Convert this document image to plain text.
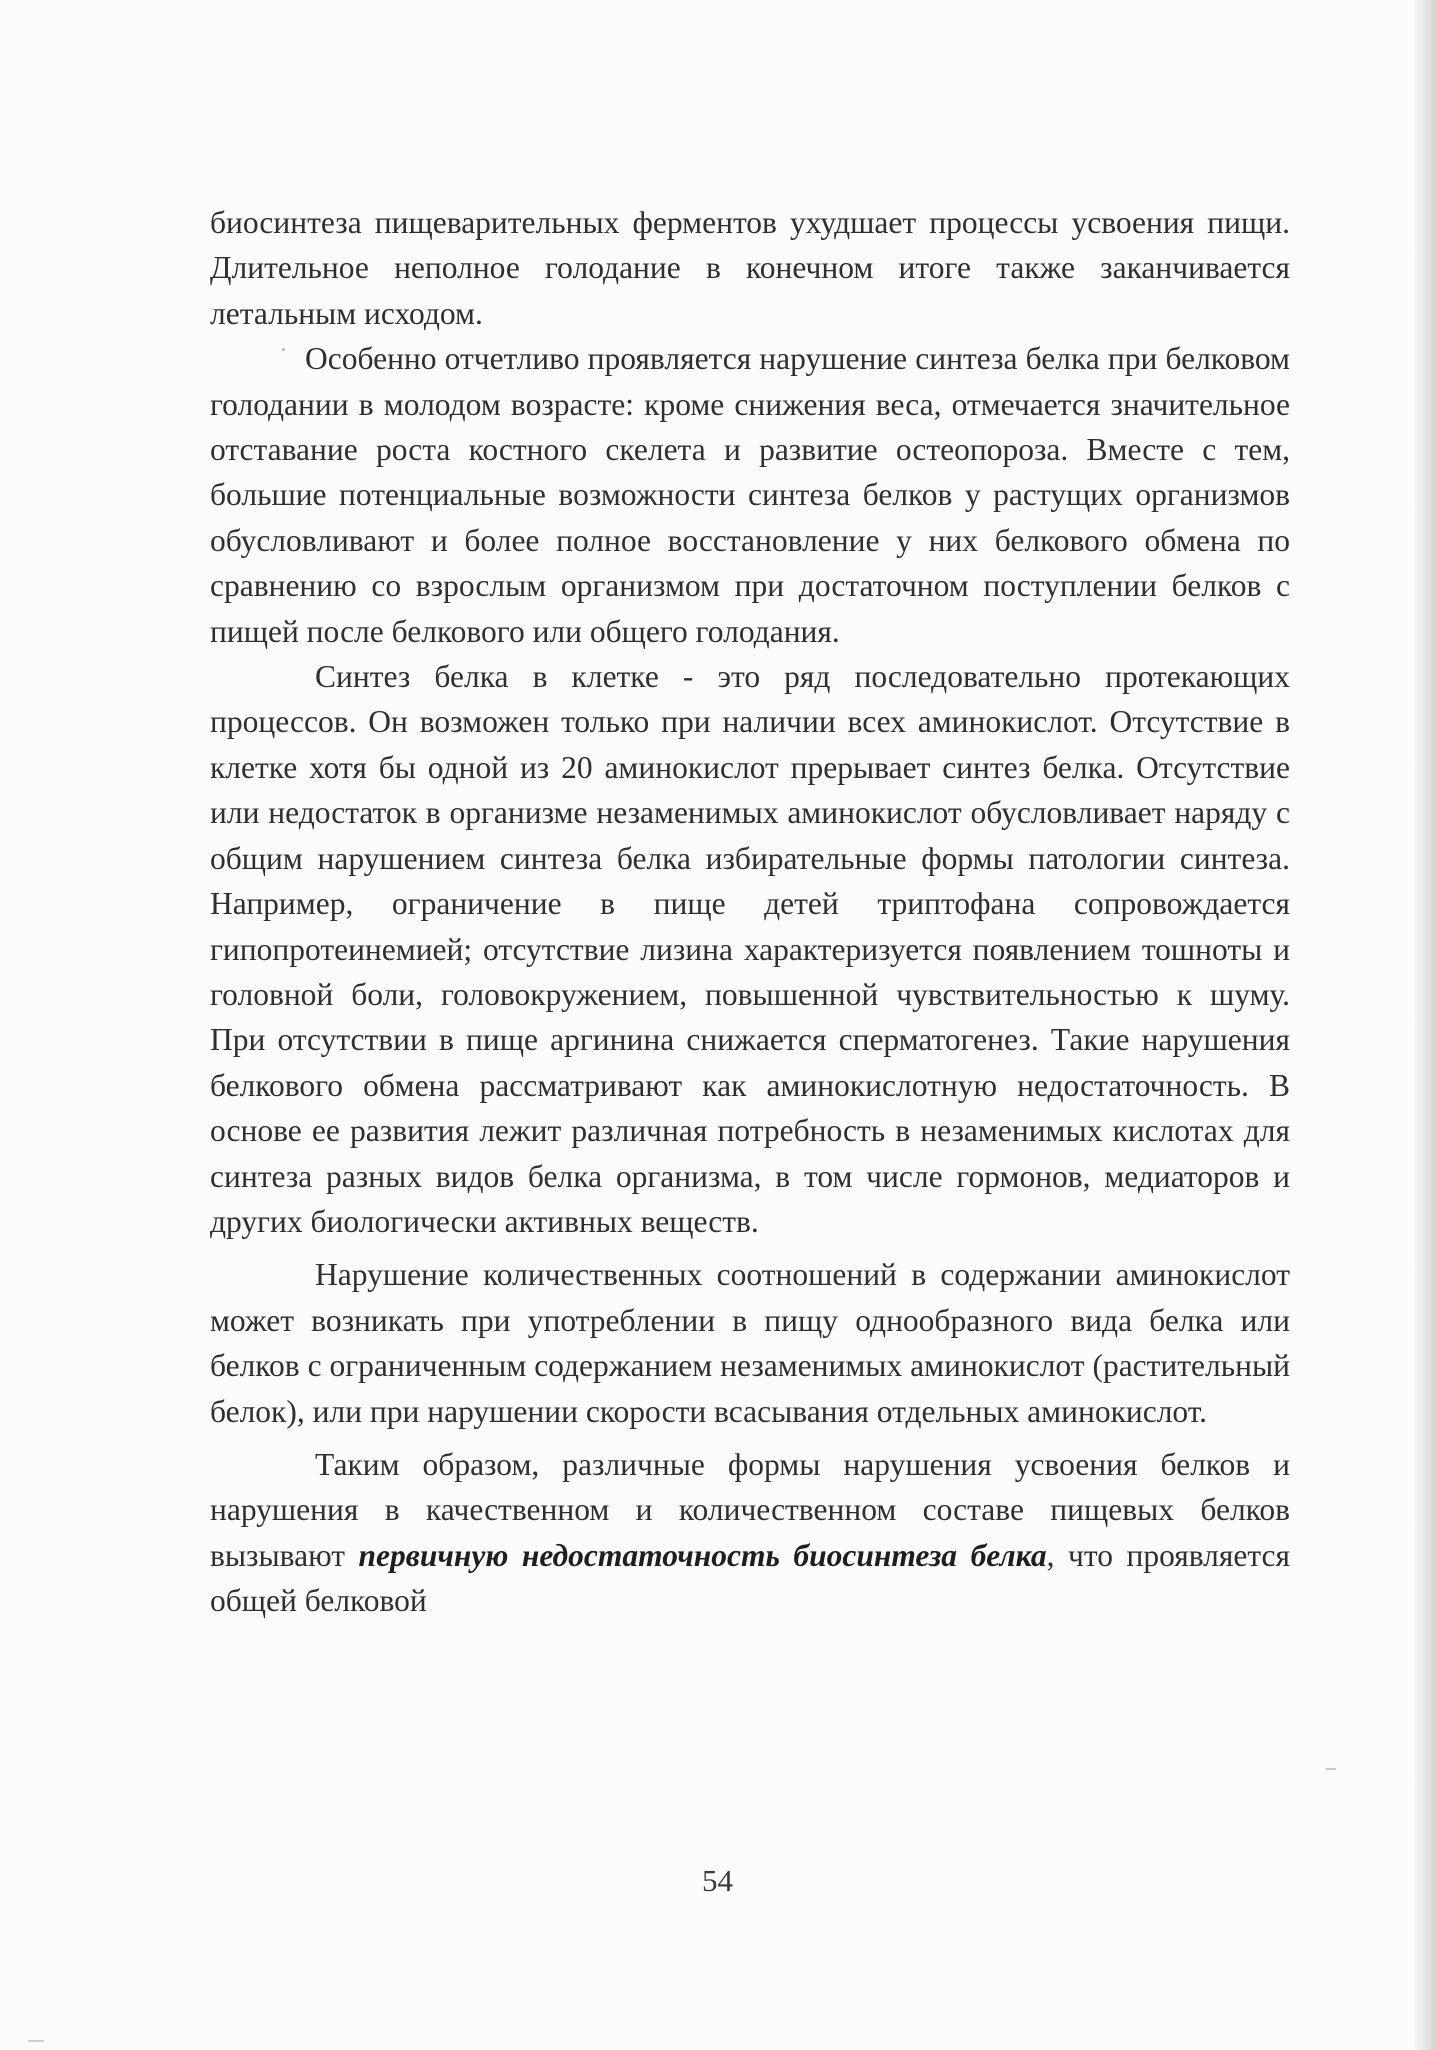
биосинтеза пищеварительных ферментов ухудшает процессы усвоения пищи. Длительное неполное голодание в конечном итоге также заканчивается летальным исходом.

Особенно отчетливо проявляется нарушение синтеза белка при белковом голодании в молодом возрасте: кроме снижения веса, отмечается значительное отставание роста костного скелета и развитие остеопороза. Вместе с тем, большие потенциальные возможности синтеза белков у растущих организмов обусловливают и более полное восстановление у них белкового обмена по сравнению со взрослым организмом при достаточном поступлении белков с пищей после белкового или общего голодания.

Синтез белка в клетке - это ряд последовательно протекающих процессов. Он возможен только при наличии всех аминокислот. Отсутствие в клетке хотя бы одной из 20 аминокислот прерывает синтез белка. Отсутствие или недостаток в организме незаменимых аминокислот обусловливает наряду с общим нарушением синтеза белка избирательные формы патологии синтеза. Например, ограничение в пище детей триптофана сопровождается гипопротеинемией; отсутствие лизина характеризуется появлением тошноты и головной боли, головокружением, повышенной чувствительностью к шуму. При отсутствии в пище аргинина снижается сперматогенез. Такие нарушения белкового обмена рассматривают как аминокислотную недостаточность. В основе ее развития лежит различная потребность в незаменимых кислотах для синтеза разных видов белка организма, в том числе гормонов, медиаторов и других биологически активных веществ.

Нарушение количественных соотношений в содержании аминокислот может возникать при употреблении в пищу однообразного вида белка или белков с ограниченным содержанием незаменимых аминокислот (растительный белок), или при нарушении скорости всасывания отдельных аминокислот.

Таким образом, различные формы нарушения усвоения белков и нарушения в качественном и количественном составе пищевых белков вызывают первичную недостаточность биосинтеза белка, что проявляется общей белковой

54
